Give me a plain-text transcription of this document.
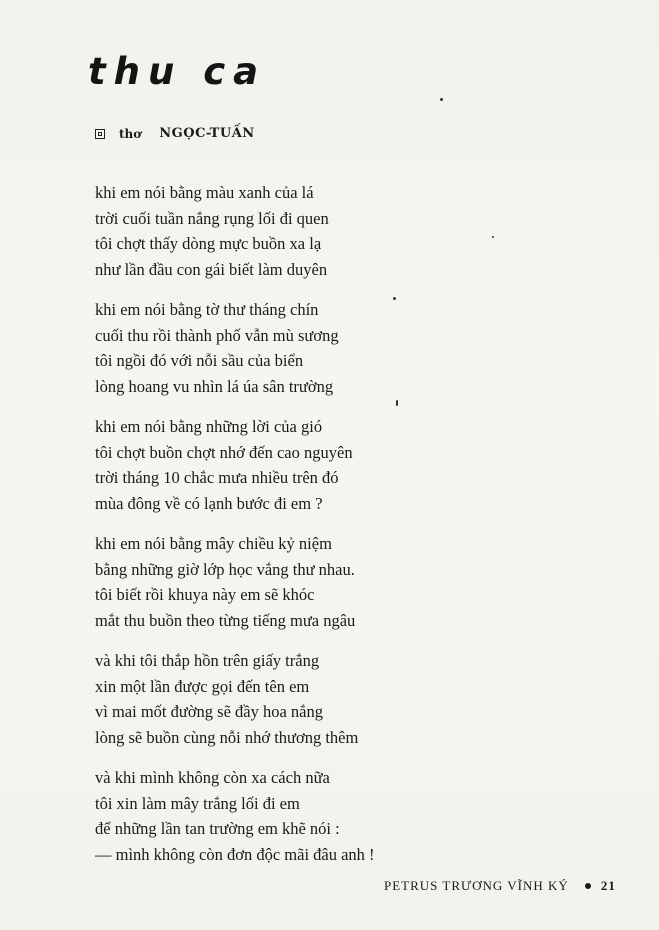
thu ca
thơ NGỌC-TUẤN
khi em nói bằng màu xanh của lá
trời cuối tuần nắng rụng lối đi quen
tôi chợt thấy dòng mực buồn xa lạ
như lần đầu con gái biết làm duyên
khi em nói bằng tờ thư tháng chín
cuối thu rồi thành phố vẫn mù sương
tôi ngồi đó với nỗi sầu của biển
lòng hoang vu nhìn lá úa sân trường
khi em nói bằng những lời của gió
tôi chợt buồn chợt nhớ đến cao nguyên
trời tháng 10 chắc mưa nhiều trên đó
mùa đông về có lạnh bước đi em ?
khi em nói bằng mây chiều kỷ niệm
bằng những giờ lớp học vắng thư nhau.
tôi biết rồi khuya này em sẽ khóc
mắt thu buồn theo từng tiếng mưa ngâu
và khi tôi thắp hồn trên giấy trắng
xin một lần được gọi đến tên em
vì mai mốt đường sẽ đầy hoa nắng
lòng sẽ buồn cùng nỗi nhớ thương thêm
và khi mình không còn xa cách nữa
tôi xin làm mây trắng lối đi em
để những lần tan trường em khẽ nói :
— mình không còn đơn độc mãi đâu anh !
PETRUS TRƯƠNG VĨNH KÝ 21
